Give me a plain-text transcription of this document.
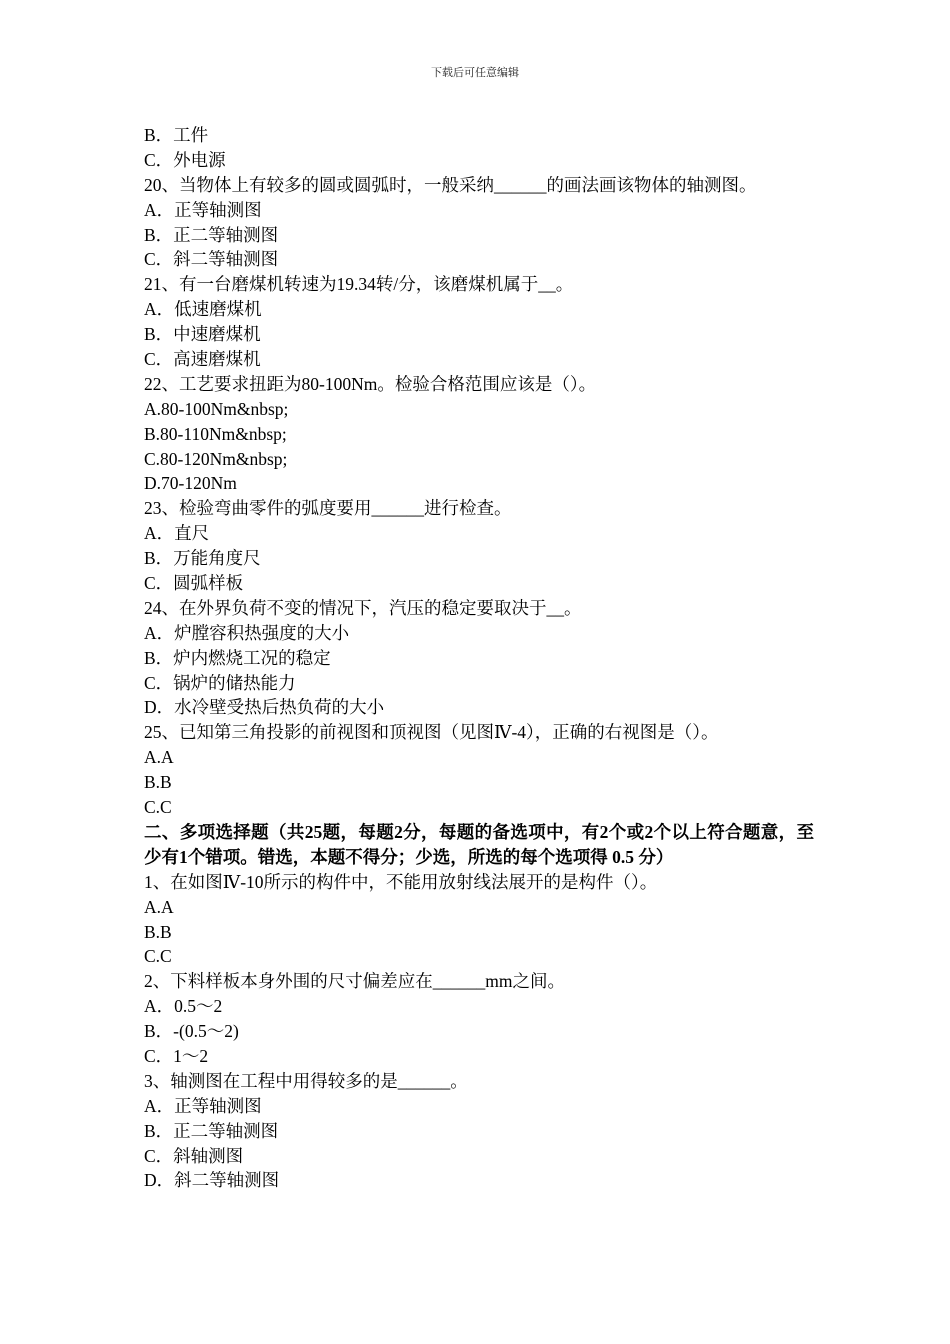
下载后可任意编辑
B．工件
C．外电源
20、当物体上有较多的圆或圆弧时，一般采纳______的画法画该物体的轴测图。
A．正等轴测图
B．正二等轴测图
C．斜二等轴测图
21、有一台磨煤机转速为19.34转/分，该磨煤机属于__。
A．低速磨煤机
B．中速磨煤机
C．高速磨煤机
22、工艺要求扭距为80-100Nm。检验合格范围应该是（）。
A.80-100Nm&nbsp;
B.80-110Nm&nbsp;
C.80-120Nm&nbsp;
D.70-120Nm
23、检验弯曲零件的弧度要用______进行检查。
A．直尺
B．万能角度尺
C．圆弧样板
24、在外界负荷不变的情况下，汽压的稳定要取决于__。
A．炉膛容积热强度的大小
B．炉内燃烧工况的稳定
C．锅炉的储热能力
D．水冷壁受热后热负荷的大小
25、已知第三角投影的前视图和顶视图（见图Ⅳ-4），正确的右视图是（）。
A.A
B.B
C.C
二、多项选择题（共25题，每题2分，每题的备选项中，有2个或2个以上符合题意，至少有1个错项。错选，本题不得分；少选，所选的每个选项得 0.5 分）
1、在如图Ⅳ-10所示的构件中，不能用放射线法展开的是构件（）。
A.A
B.B
C.C
2、下料样板本身外围的尺寸偏差应在______mm之间。
A．0.5～2
B．-(0.5～2)
C．1～2
3、轴测图在工程中用得较多的是______。
A．正等轴测图
B．正二等轴测图
C．斜轴测图
D．斜二等轴测图
